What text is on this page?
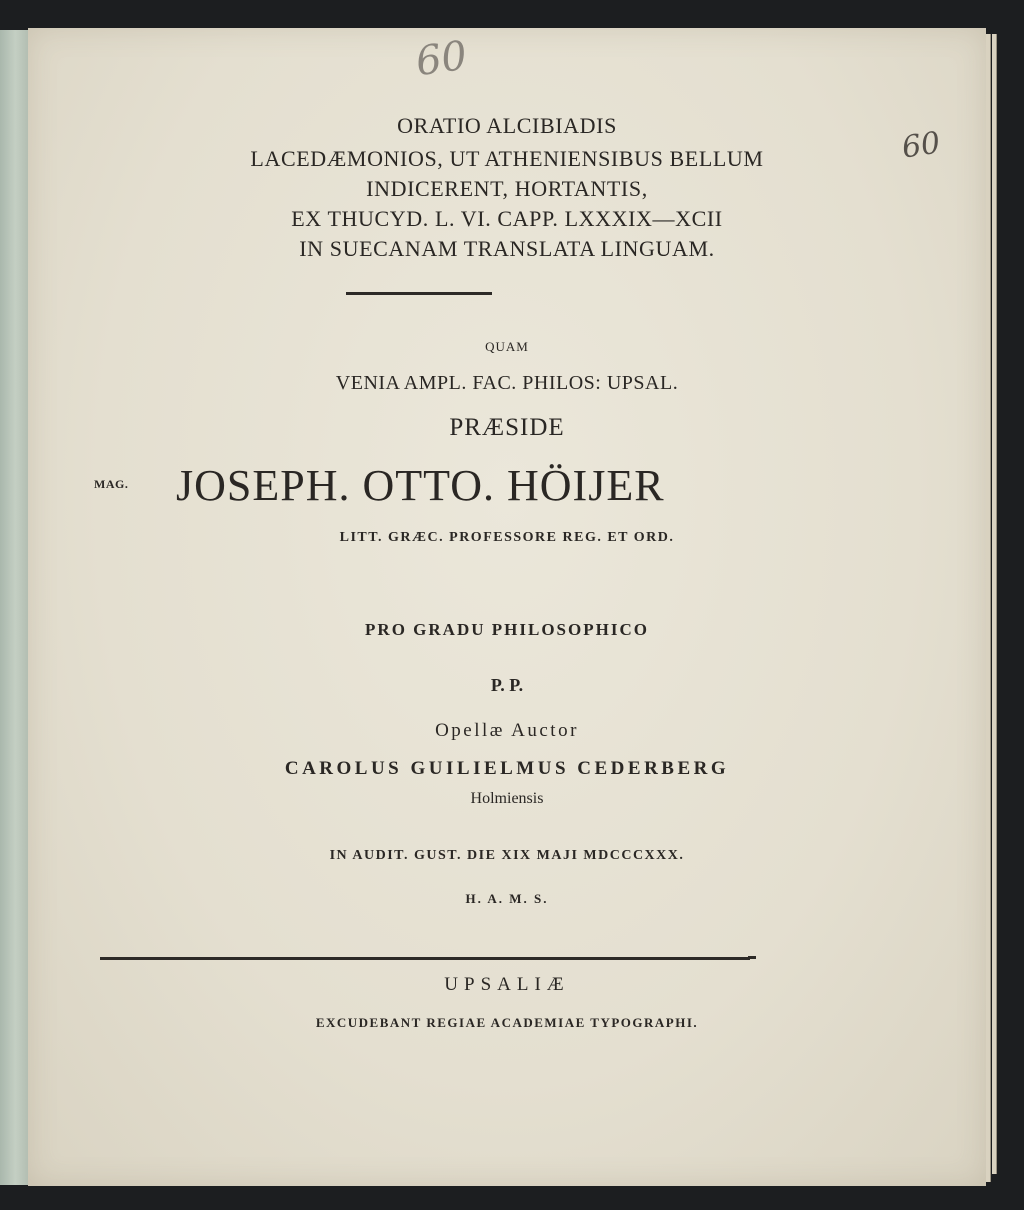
60
60
ORATIO ALCIBIADIS
LACEDÆMONIOS, UT ATHENIENSIBUS BELLUM
INDICERENT, HORTANTIS,
EX THUCYD. L. VI. CAPP. LXXXIX—XCII
IN SUECANAM TRANSLATA LINGUAM.
QUAM
VENIA AMPL. FAC. PHILOS: UPSAL.
PRÆSIDE
MAG. JOSEPH. OTTO. HÖIJER
LITT. GRÆC. PROFESSORE REG. ET ORD.
PRO GRADU PHILOSOPHICO
P. P.
Opellæ Auctor
CAROLUS GUILIELMUS CEDERBERG
Holmiensis
IN AUDIT. GUST. DIE XIX MAJI MDCCCXXX.
H. A. M. S.
UPSALIÆ
EXCUDEBANT REGIAE ACADEMIAE TYPOGRAPHI.
